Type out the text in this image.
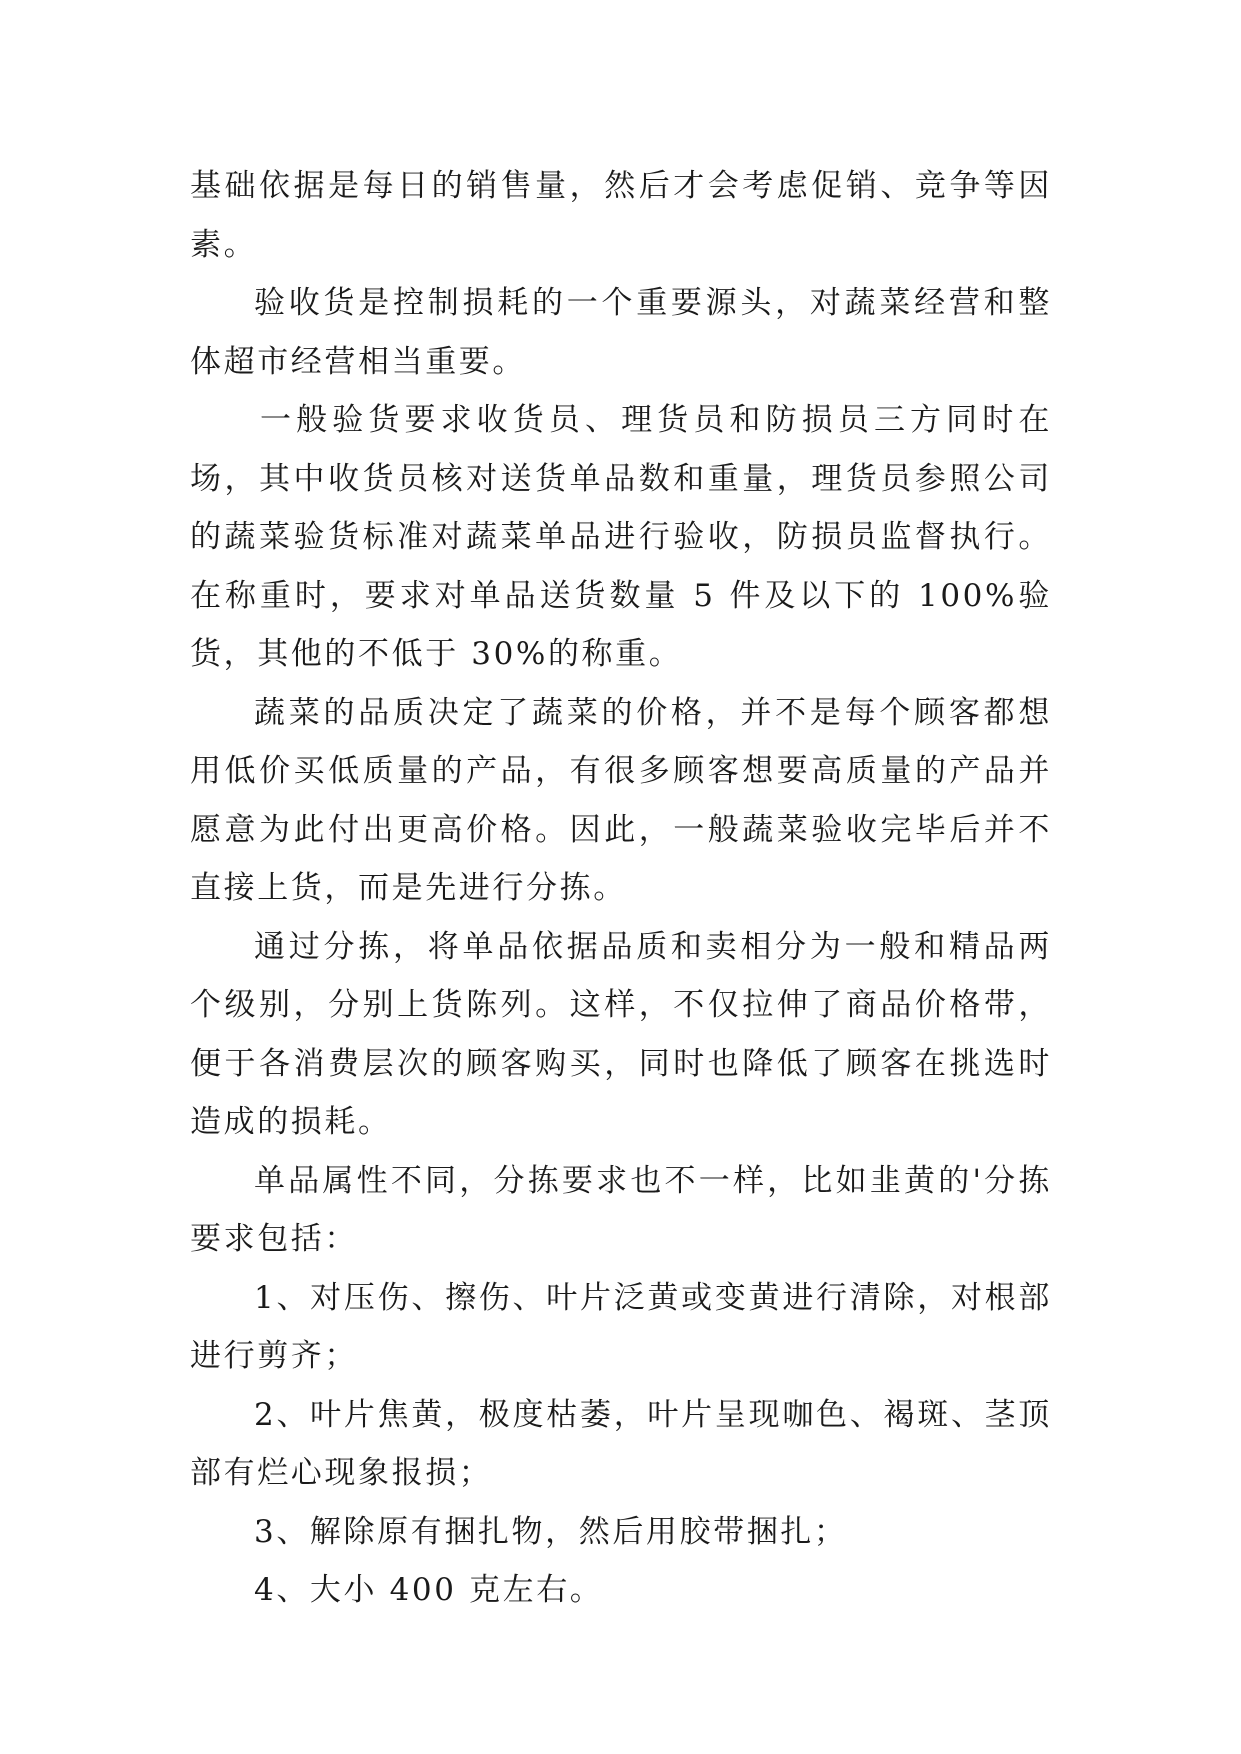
基础依据是每日的销售量，然后才会考虑促销、竞争等因素。

验收货是控制损耗的一个重要源头，对蔬菜经营和整体超市经营相当重要。

一般验货要求收货员、理货员和防损员三方同时在场，其中收货员核对送货单品数和重量，理货员参照公司的蔬菜验货标准对蔬菜单品进行验收，防损员监督执行。在称重时，要求对单品送货数量 5 件及以下的 100%验货，其他的不低于 30%的称重。

蔬菜的品质决定了蔬菜的价格，并不是每个顾客都想用低价买低质量的产品，有很多顾客想要高质量的产品并愿意为此付出更高价格。因此，一般蔬菜验收完毕后并不直接上货，而是先进行分拣。

通过分拣，将单品依据品质和卖相分为一般和精品两个级别，分别上货陈列。这样，不仅拉伸了商品价格带，便于各消费层次的顾客购买，同时也降低了顾客在挑选时造成的损耗。

单品属性不同，分拣要求也不一样，比如韭黄的'分拣要求包括：

1、对压伤、擦伤、叶片泛黄或变黄进行清除，对根部进行剪齐；

2、叶片焦黄，极度枯萎，叶片呈现咖色、褐斑、茎顶部有烂心现象报损；

3、解除原有捆扎物，然后用胶带捆扎；

4、大小 400 克左右。
